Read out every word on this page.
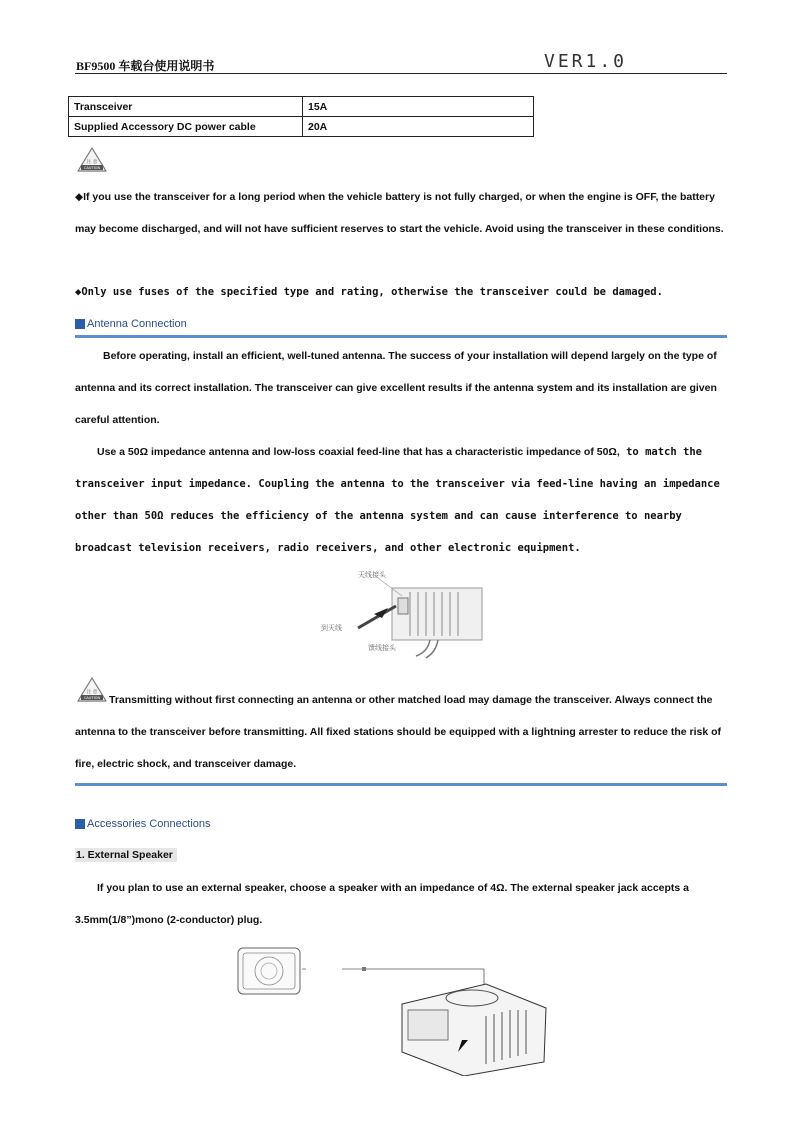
BF9500 车载台使用说明书	VER1.0
Transceiver	15A
Supplied Accessory DC power cable	20A
注 意
CAUTION
◆If you use the transceiver for a long period when the vehicle battery is not fully charged, or when the engine is OFF, the battery may become discharged, and will not have sufficient reserves to start the vehicle. Avoid using the transceiver in these conditions.
◆Only use fuses of the specified type and rating, otherwise the transceiver could be damaged.
Antenna Connection
Before operating, install an efficient, well-tuned antenna. The success of your installation will depend largely on the type of antenna and its correct installation. The transceiver can give excellent results if the antenna system and its installation are given careful attention.
Use a 50Ω impedance antenna and low-loss coaxial feed-line that has a characteristic impedance of 50Ω, to match the transceiver input impedance. Coupling the antenna to the transceiver via feed-line having an impedance other than 50Ω reduces the efficiency of the antenna system and can cause interference to nearby broadcast television receivers, radio receivers, and other electronic equipment.
天线接头
到天线
馈线接头
注 意
CAUTION Transmitting without first connecting an antenna or other matched load may damage the transceiver. Always connect the antenna to the transceiver before transmitting. All fixed stations should be equipped with a lightning arrester to reduce the risk of fire, electric shock, and transceiver damage.
Accessories Connections
1. External Speaker
If you plan to use an external speaker, choose a speaker with an impedance of 4Ω. The external speaker jack accepts a 3.5mm(1/8”)mono (2-conductor) plug.
